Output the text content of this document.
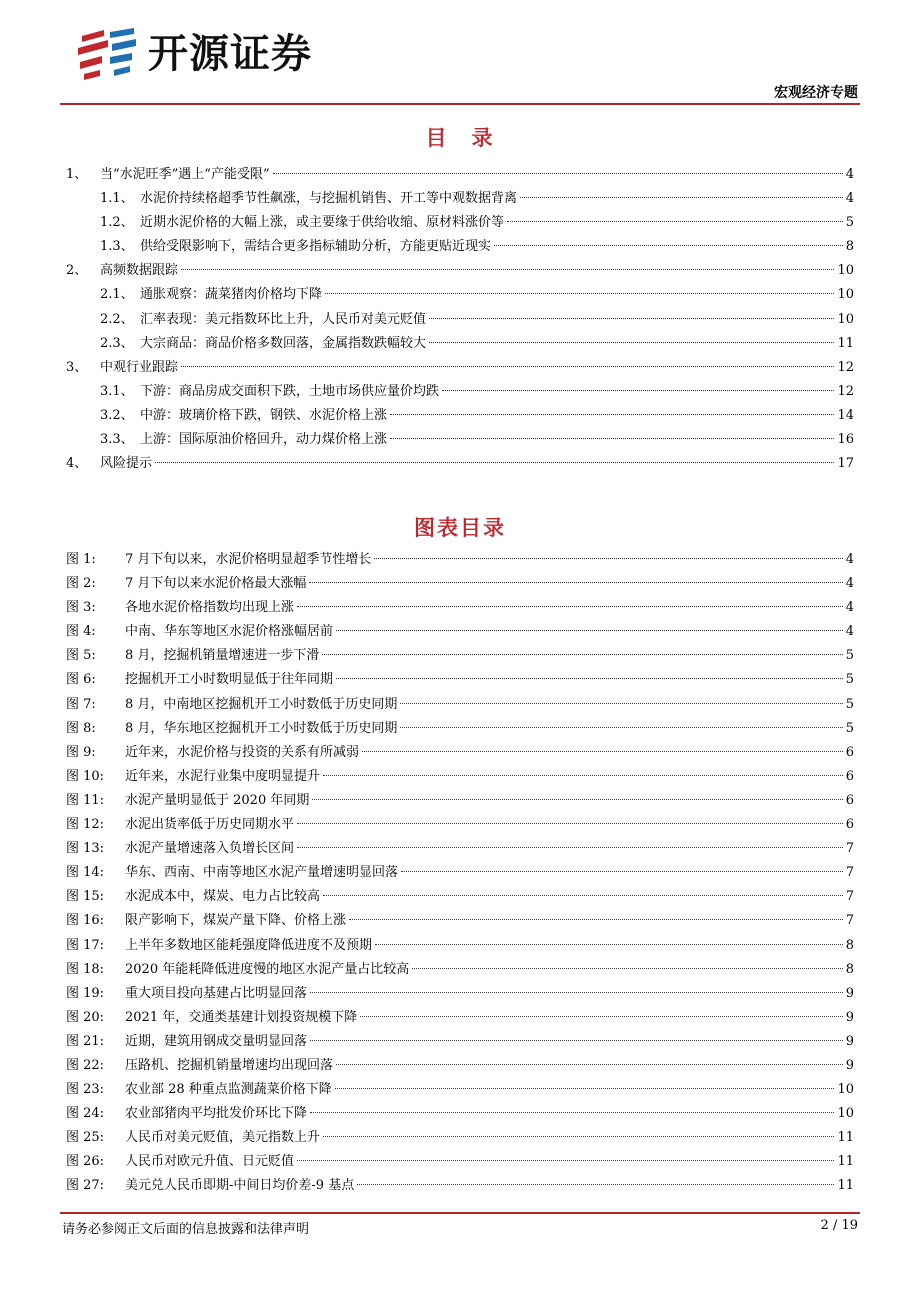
开源证券
宏观经济专题
目　录
1、 当“水泥旺季”遇上“产能受限”	4
1.1、 水泥价持续格超季节性飙涨，与挖掘机销售、开工等中观数据背离	4
1.2、 近期水泥价格的大幅上涨，或主要缘于供给收缩、原材料涨价等	5
1.3、 供给受限影响下，需结合更多指标辅助分析，方能更贴近现实	8
2、 高频数据跟踪	10
2.1、 通胀观察：蔬菜猪肉价格均下降	10
2.2、 汇率表现：美元指数环比上升，人民币对美元贬值	10
2.3、 大宗商品：商品价格多数回落，金属指数跌幅较大	11
3、 中观行业跟踪	12
3.1、 下游：商品房成交面积下跌，土地市场供应量价均跌	12
3.2、 中游：玻璃价格下跌，钢铁、水泥价格上涨	14
3.3、 上游：国际原油价格回升，动力煤价格上涨	16
4、 风险提示	17
图表目录
图 1:	7 月下旬以来，水泥价格明显超季节性增长	4
图 2:	7 月下旬以来水泥价格最大涨幅	4
图 3:	各地水泥价格指数均出现上涨	4
图 4:	中南、华东等地区水泥价格涨幅居前	4
图 5:	8 月，挖掘机销量增速进一步下滑	5
图 6:	挖掘机开工小时数明显低于往年同期	5
图 7:	8 月，中南地区挖掘机开工小时数低于历史同期	5
图 8:	8 月，华东地区挖掘机开工小时数低于历史同期	5
图 9:	近年来，水泥价格与投资的关系有所减弱	6
图 10:	近年来，水泥行业集中度明显提升	6
图 11:	水泥产量明显低于 2020 年同期	6
图 12:	水泥出货率低于历史同期水平	6
图 13:	水泥产量增速落入负增长区间	7
图 14:	华东、西南、中南等地区水泥产量增速明显回落	7
图 15:	水泥成本中，煤炭、电力占比较高	7
图 16:	限产影响下，煤炭产量下降、价格上涨	7
图 17:	上半年多数地区能耗强度降低进度不及预期	8
图 18:	2020 年能耗降低进度慢的地区水泥产量占比较高	8
图 19:	重大项目投向基建占比明显回落	9
图 20:	2021 年，交通类基建计划投资规模下降	9
图 21:	近期，建筑用钢成交量明显回落	9
图 22:	压路机、挖掘机销量增速均出现回落	9
图 23:	农业部 28 种重点监测蔬菜价格下降	10
图 24:	农业部猪肉平均批发价环比下降	10
图 25:	人民币对美元贬值，美元指数上升	11
图 26:	人民币对欧元升值、日元贬值	11
图 27:	美元兑人民币即期-中间日均价差-9 基点	11
请务必参阅正文后面的信息披露和法律声明	2 / 19
